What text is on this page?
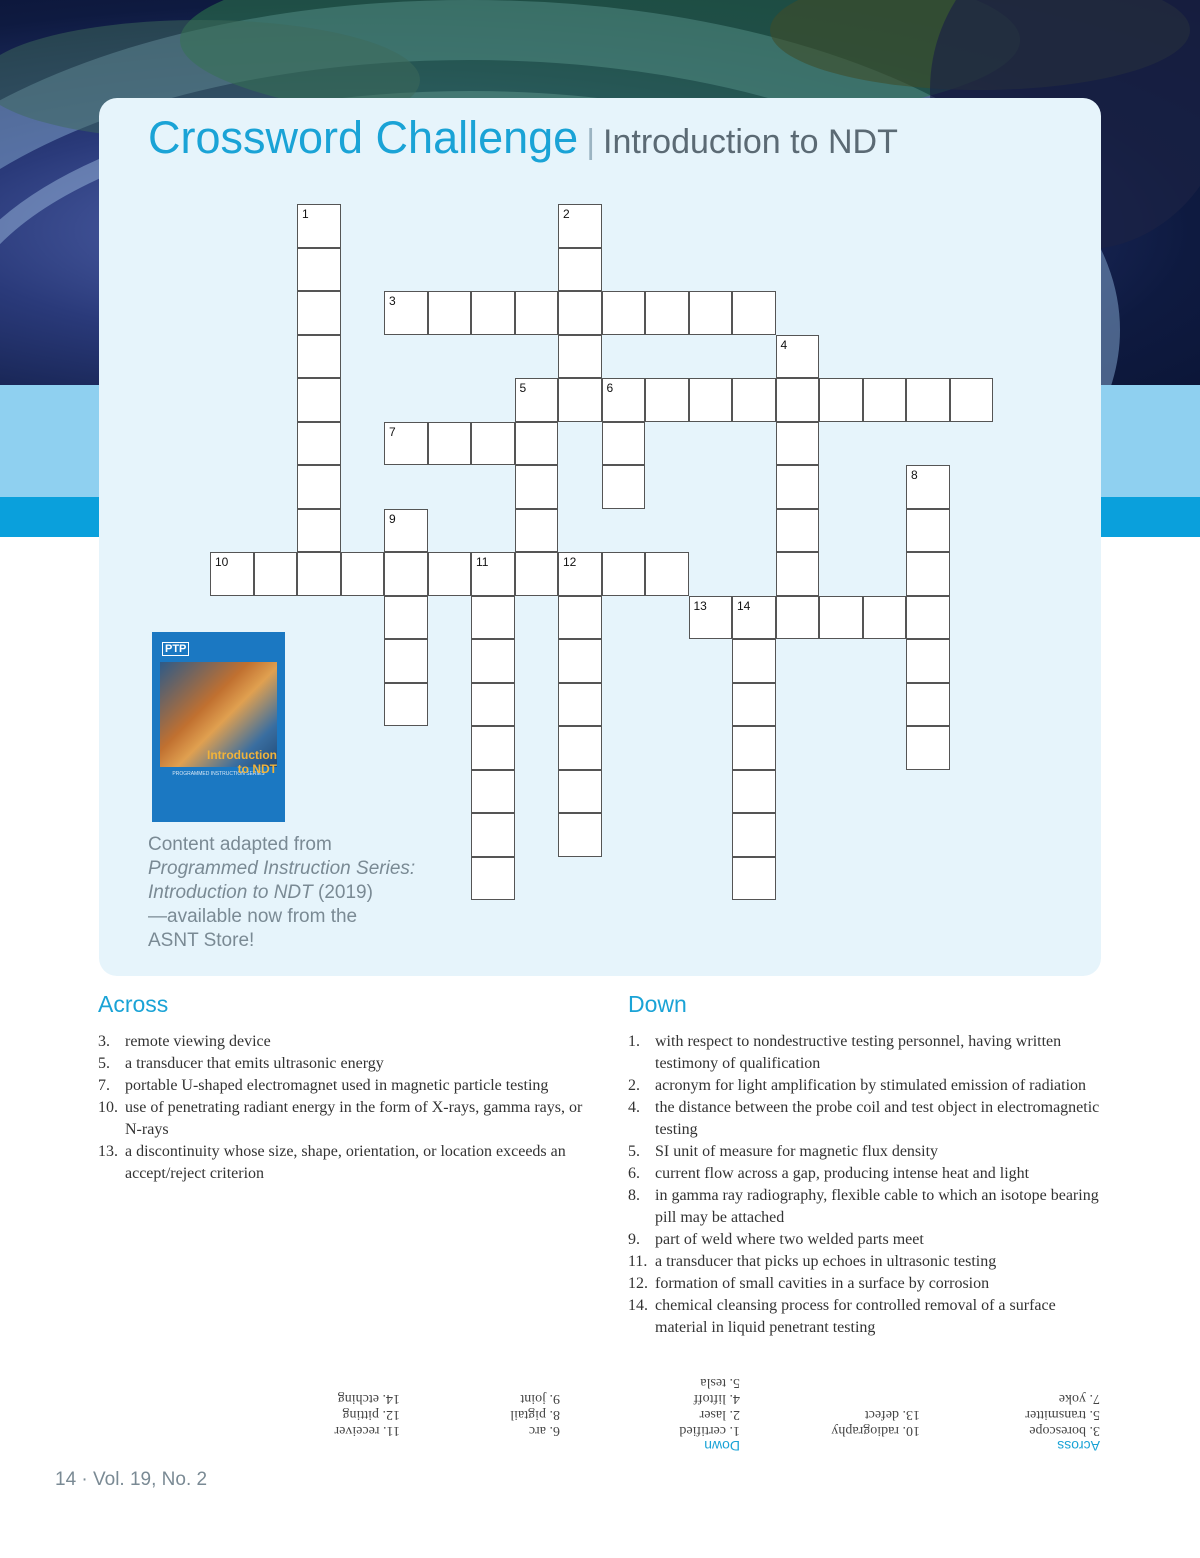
Crossword Challenge | Introduction to NDT
1	2
3
4
5	6
7
8
9
10	11	12
13	14
PTP
PROGRAMMED INSTRUCTION SERIES
Introduction
to NDT
Content adapted from
Programmed Instruction Series:
Introduction to NDT (2019)
—available now from the
ASNT Store!
Across
3. remote viewing device
5. a transducer that emits ultrasonic energy
7. portable U-shaped electromagnet used in magnetic particle testing
10. use of penetrating radiant energy in the form of X-rays, gamma rays, or N-rays
13. a discontinuity whose size, shape, orientation, or location exceeds an accept/reject criterion
Down
1. with respect to nondestructive testing personnel, having written testimony of qualification
2. acronym for light amplification by stimulated emission of radiation
4. the distance between the probe coil and test object in electromagnetic testing
5. SI unit of measure for magnetic flux density
6. current flow across a gap, producing intense heat and light
8. in gamma ray radiography, flexible cable to which an isotope bearing pill may be attached
9. part of weld where two welded parts meet
11. a transducer that picks up echoes in ultrasonic testing
12. formation of small cavities in a surface by corrosion
14. chemical cleansing process for controlled removal of a surface material in liquid penetrant testing
Across
3. borescope
5. transmitter
7. yoke

10. radiography
13. defect
Down
1. certified
2. laser
4. liftoff
5. tesla

6. arc
8. pigtail
9. joint

11. receiver
12. pitting
14. etching
14 · Vol. 19, No. 2
